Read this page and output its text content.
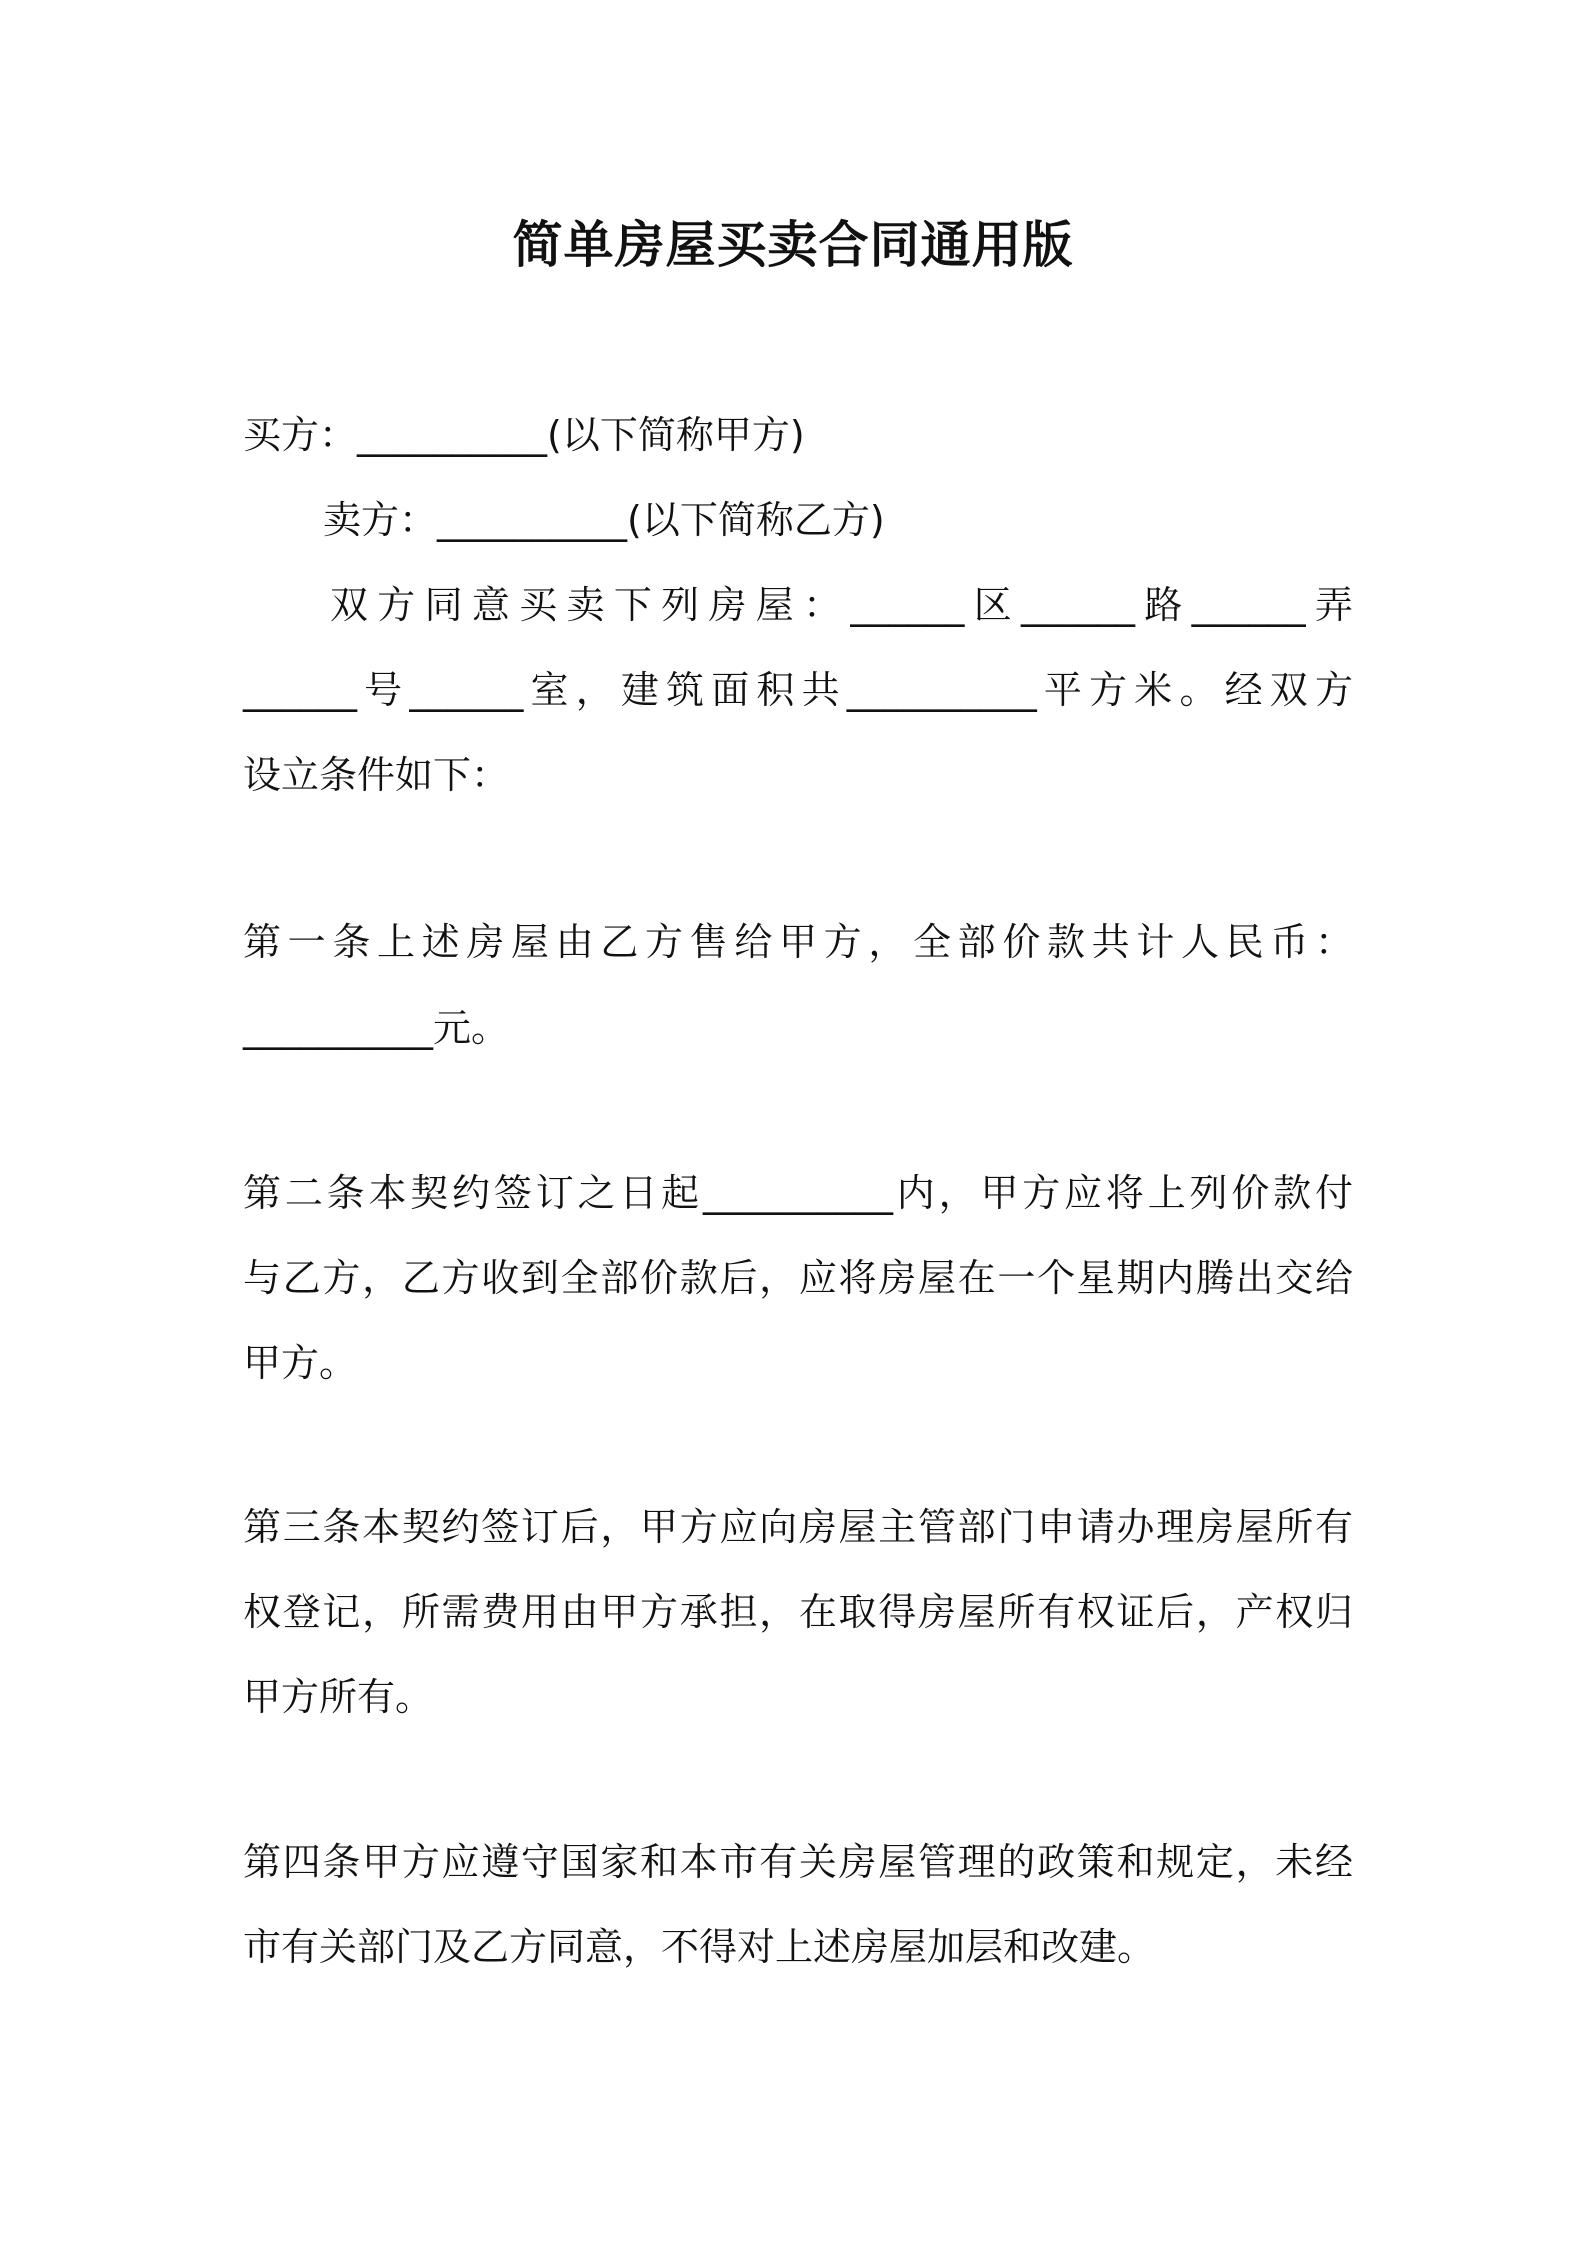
简单房屋买卖合同通用版

买方：__________(以下简称甲方)

卖方：__________(以下简称乙方)

双方同意买卖下列房屋：______区______路______弄

______号______室，建筑面积共__________平方米。经双方

设立条件如下：

第一条上述房屋由乙方售给甲方，全部价款共计人民币：

__________元。

第二条本契约签订之日起__________内，甲方应将上列价款付

与乙方，乙方收到全部价款后，应将房屋在一个星期内腾出交给

甲方。

第三条本契约签订后，甲方应向房屋主管部门申请办理房屋所有

权登记，所需费用由甲方承担，在取得房屋所有权证后，产权归

甲方所有。

第四条甲方应遵守国家和本市有关房屋管理的政策和规定，未经

市有关部门及乙方同意，不得对上述房屋加层和改建。
